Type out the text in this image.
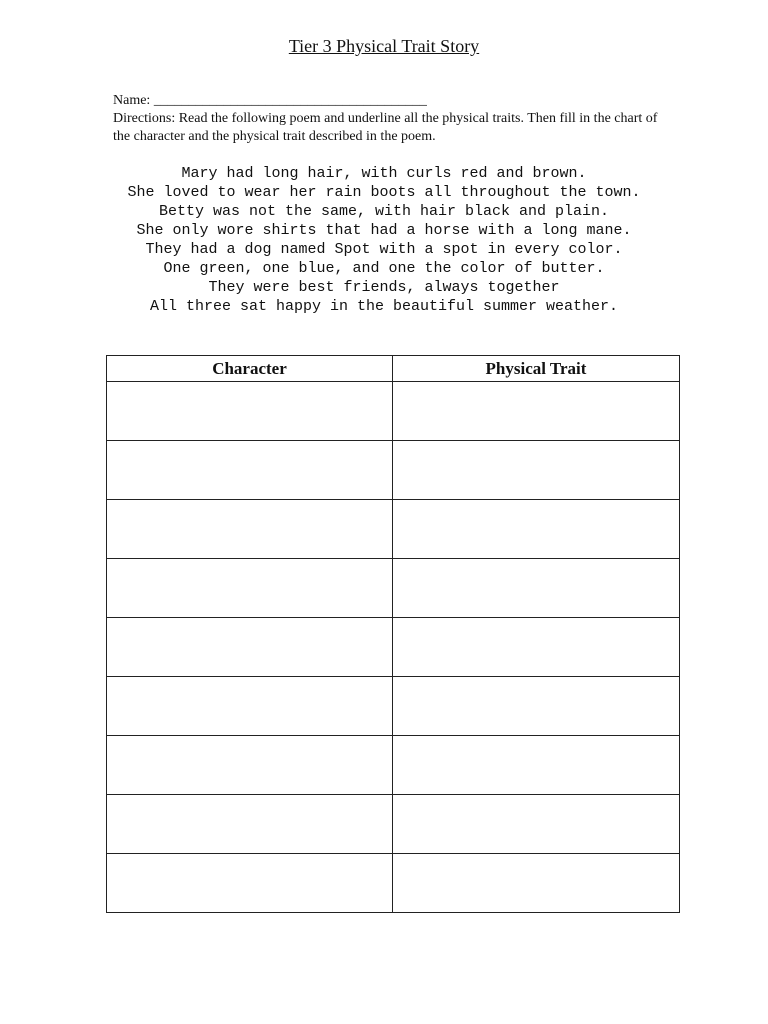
Tier 3 Physical Trait Story

Name: _______________________________________

Directions: Read the following poem and underline all the physical traits. Then fill in the chart of the character and the physical trait described in the poem.

Mary had long hair, with curls red and brown.
She loved to wear her rain boots all throughout the town.
Betty was not the same, with hair black and plain.
She only wore shirts that had a horse with a long mane.
They had a dog named Spot with a spot in every color.
One green, one blue, and one the color of butter.
They were best friends, always together
All three sat happy in the beautiful summer weather.
Character	Physical Trait
